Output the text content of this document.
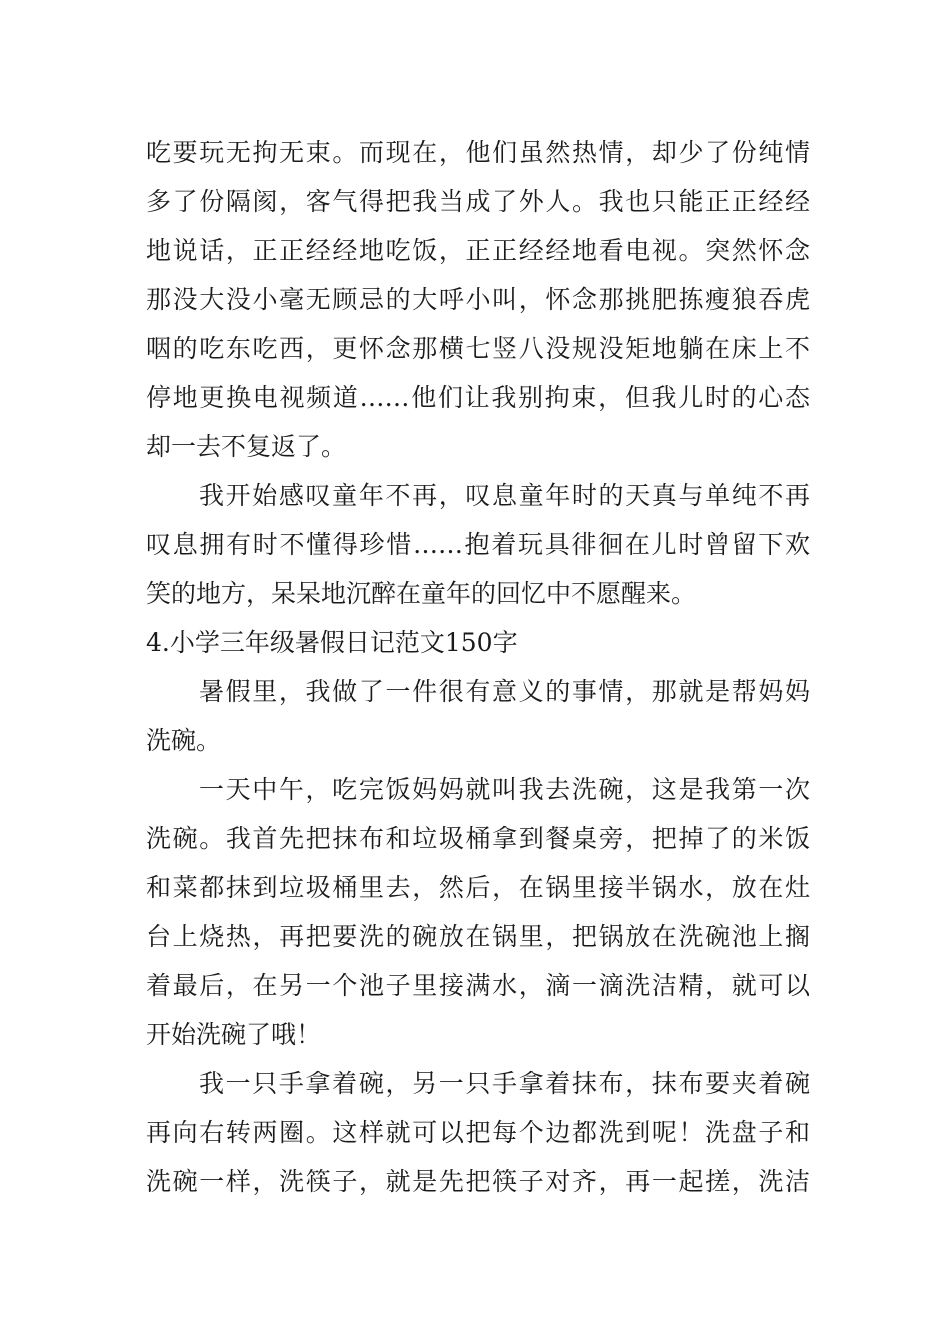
吃要玩无拘无束。而现在，他们虽然热情，却少了份纯情
多了份隔阂，客气得把我当成了外人。我也只能正正经经
地说话，正正经经地吃饭，正正经经地看电视。突然怀念
那没大没小毫无顾忌的大呼小叫，怀念那挑肥拣瘦狼吞虎
咽的吃东吃西，更怀念那横七竖八没规没矩地躺在床上不
停地更换电视频道……他们让我别拘束，但我儿时的心态
却一去不复返了。
我开始感叹童年不再，叹息童年时的天真与单纯不再
叹息拥有时不懂得珍惜……抱着玩具徘徊在儿时曾留下欢
笑的地方，呆呆地沉醉在童年的回忆中不愿醒来。
4.小学三年级暑假日记范文150字
暑假里，我做了一件很有意义的事情，那就是帮妈妈
洗碗。
一天中午，吃完饭妈妈就叫我去洗碗，这是我第一次
洗碗。我首先把抹布和垃圾桶拿到餐桌旁，把掉了的米饭
和菜都抹到垃圾桶里去，然后，在锅里接半锅水，放在灶
台上烧热，再把要洗的碗放在锅里，把锅放在洗碗池上搁
着最后，在另一个池子里接满水，滴一滴洗洁精，就可以
开始洗碗了哦！
我一只手拿着碗，另一只手拿着抹布，抹布要夹着碗
再向右转两圈。这样就可以把每个边都洗到呢！洗盘子和
洗碗一样，洗筷子，就是先把筷子对齐，再一起搓，洗洁
